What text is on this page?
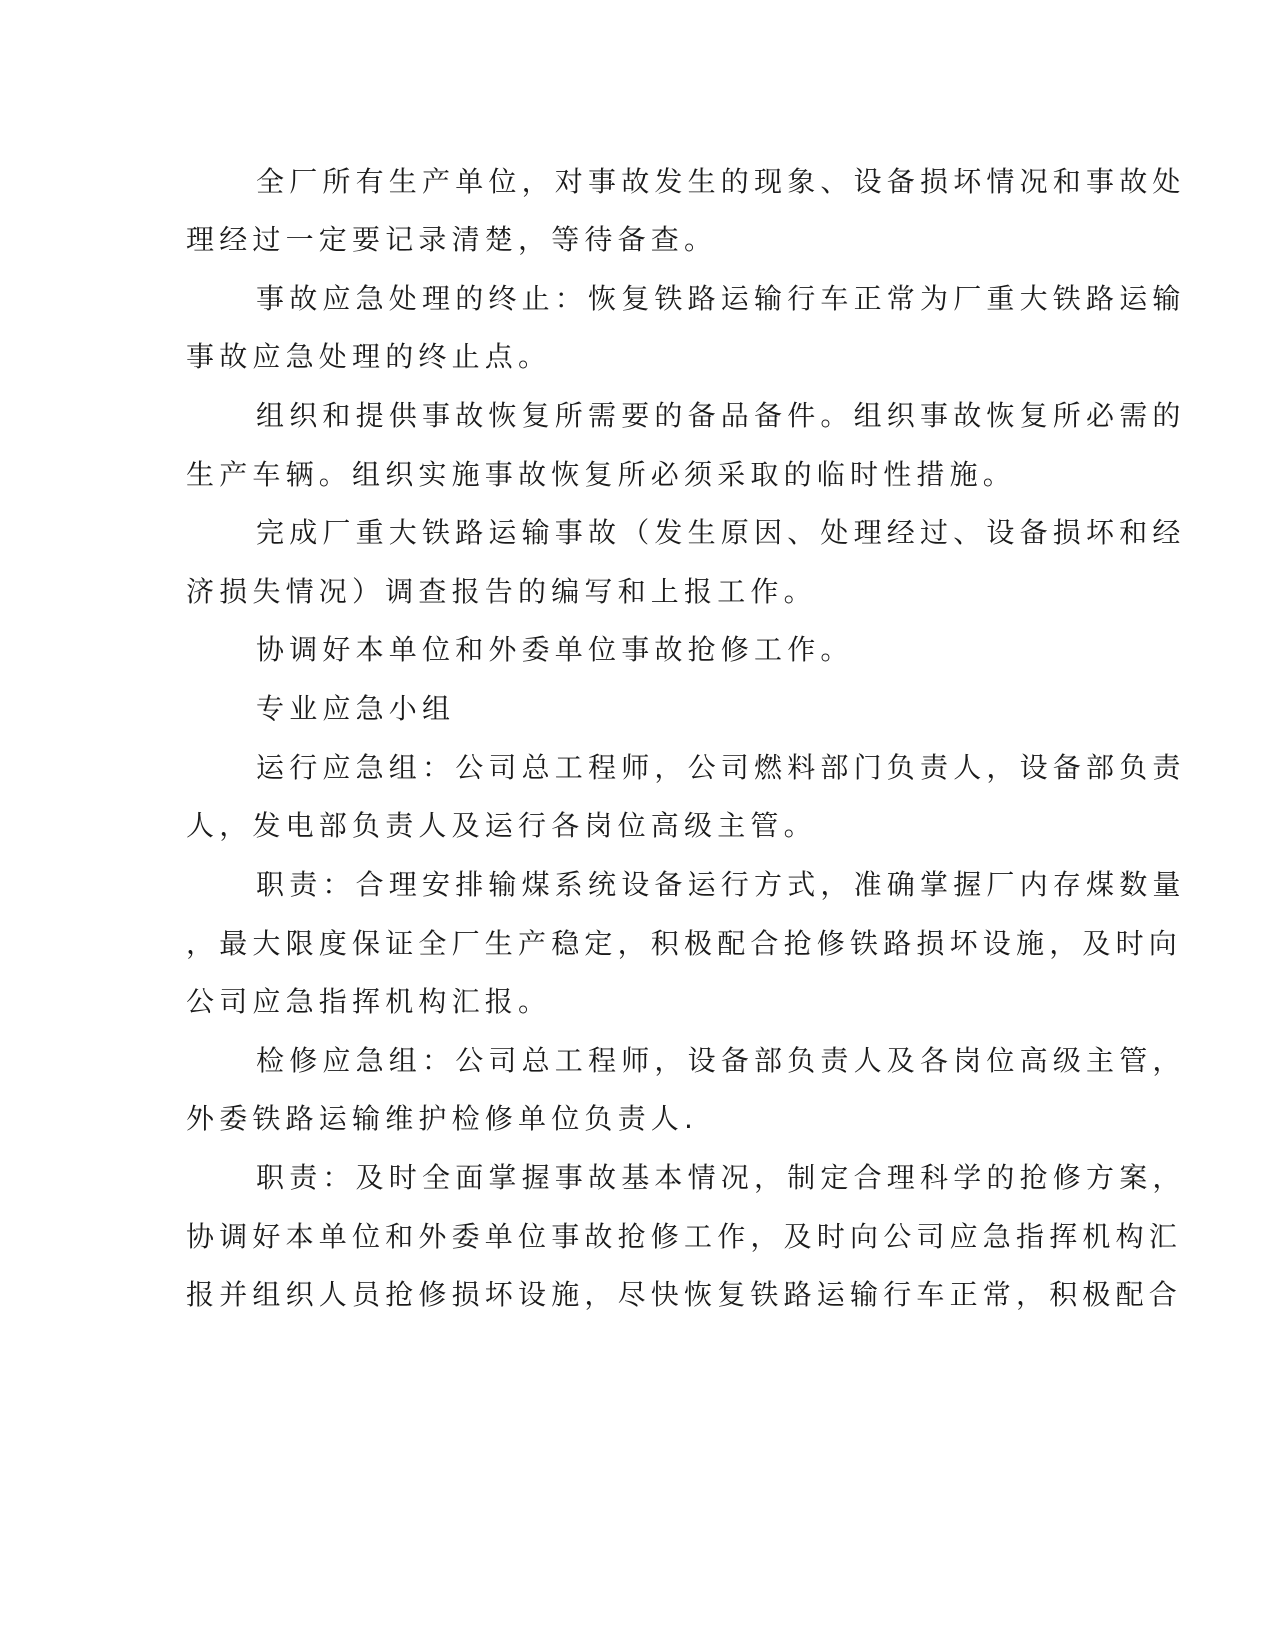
全厂所有生产单位，对事故发生的现象、设备损坏情况和事故处

理经过一定要记录清楚，等待备查。

事故应急处理的终止：恢复铁路运输行车正常为厂重大铁路运输

事故应急处理的终止点。

组织和提供事故恢复所需要的备品备件。组织事故恢复所必需的

生产车辆。组织实施事故恢复所必须采取的临时性措施。

完成厂重大铁路运输事故（发生原因、处理经过、设备损坏和经

济损失情况）调查报告的编写和上报工作。

协调好本单位和外委单位事故抢修工作。

专业应急小组

运行应急组：公司总工程师，公司燃料部门负责人，设备部负责

人，发电部负责人及运行各岗位高级主管。

职责：合理安排输煤系统设备运行方式，准确掌握厂内存煤数量

，最大限度保证全厂生产稳定，积极配合抢修铁路损坏设施，及时向

公司应急指挥机构汇报。

检修应急组：公司总工程师，设备部负责人及各岗位高级主管，

外委铁路运输维护检修单位负责人.

职责：及时全面掌握事故基本情况，制定合理科学的抢修方案，

协调好本单位和外委单位事故抢修工作，及时向公司应急指挥机构汇

报并组织人员抢修损坏设施，尽快恢复铁路运输行车正常，积极配合
